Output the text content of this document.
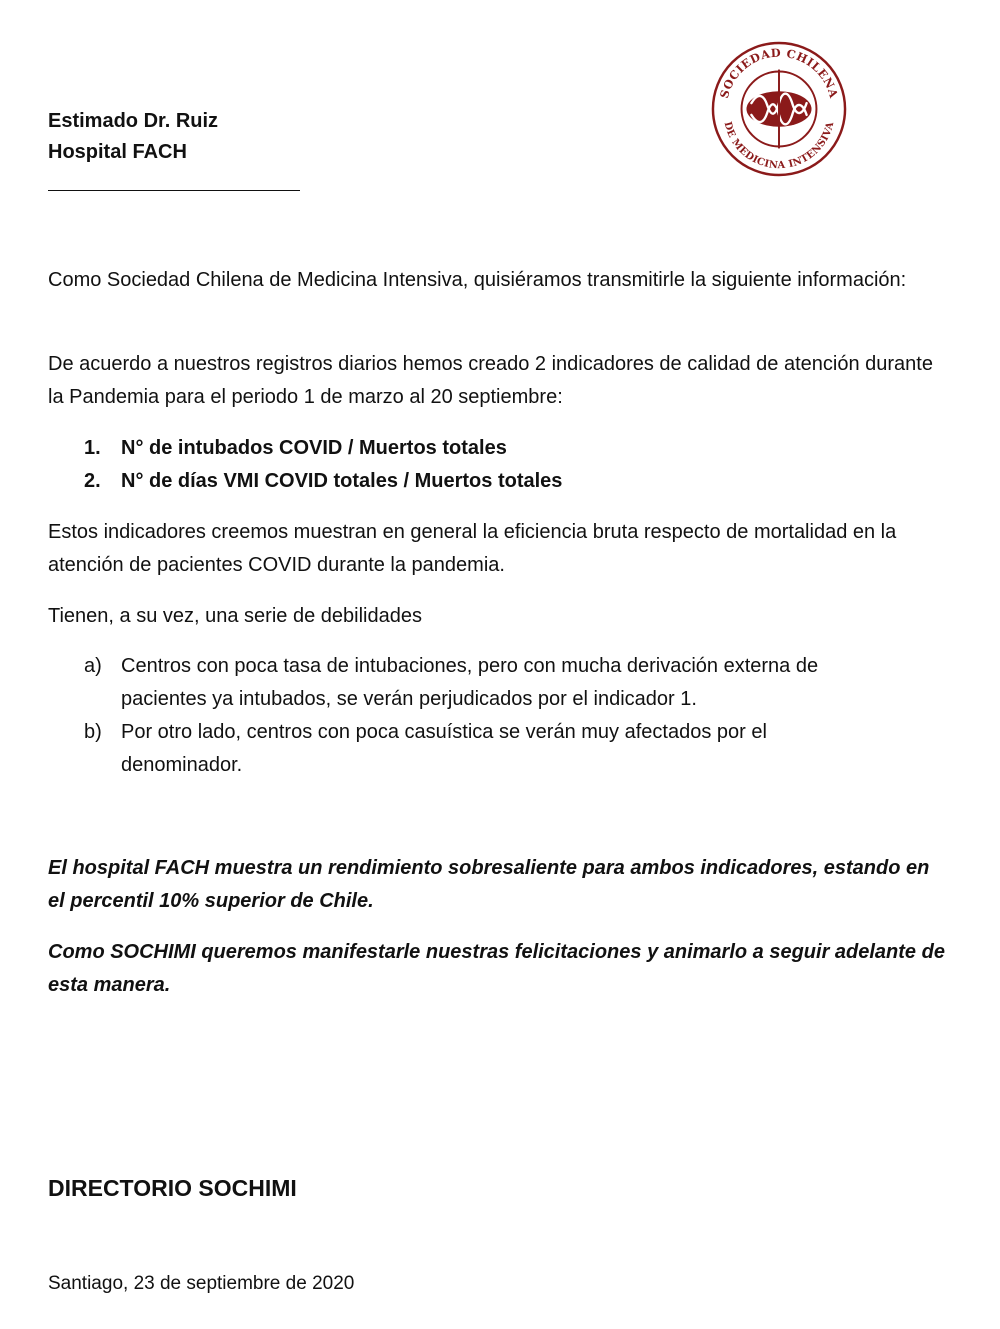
Estimado Dr. Ruiz
Hospital FACH
SOCIEDAD CHILENA
DE MEDICINA INTENSIVA

Como Sociedad Chilena de Medicina Intensiva, quisiéramos transmitirle la siguiente información:

De acuerdo a nuestros registros diarios hemos creado 2 indicadores de calidad de atención durante la Pandemia para el periodo 1 de marzo al 20 septiembre:

1. N° de intubados COVID / Muertos totales
2. N° de días VMI COVID totales / Muertos totales

Estos indicadores creemos muestran en general la eficiencia bruta respecto de mortalidad en la atención de pacientes COVID durante la pandemia.

Tienen, a su vez, una serie de debilidades

a) Centros con poca tasa de intubaciones, pero con mucha derivación externa de pacientes ya intubados, se verán perjudicados por el indicador 1.
b) Por otro lado, centros con poca casuística se verán muy afectados por el denominador.

El hospital FACH muestra un rendimiento sobresaliente para ambos indicadores, estando en el percentil 10% superior de Chile.

Como SOCHIMI queremos manifestarle nuestras felicitaciones y animarlo a seguir adelante de esta manera.

DIRECTORIO SOCHIMI
Santiago, 23 de septiembre de 2020
